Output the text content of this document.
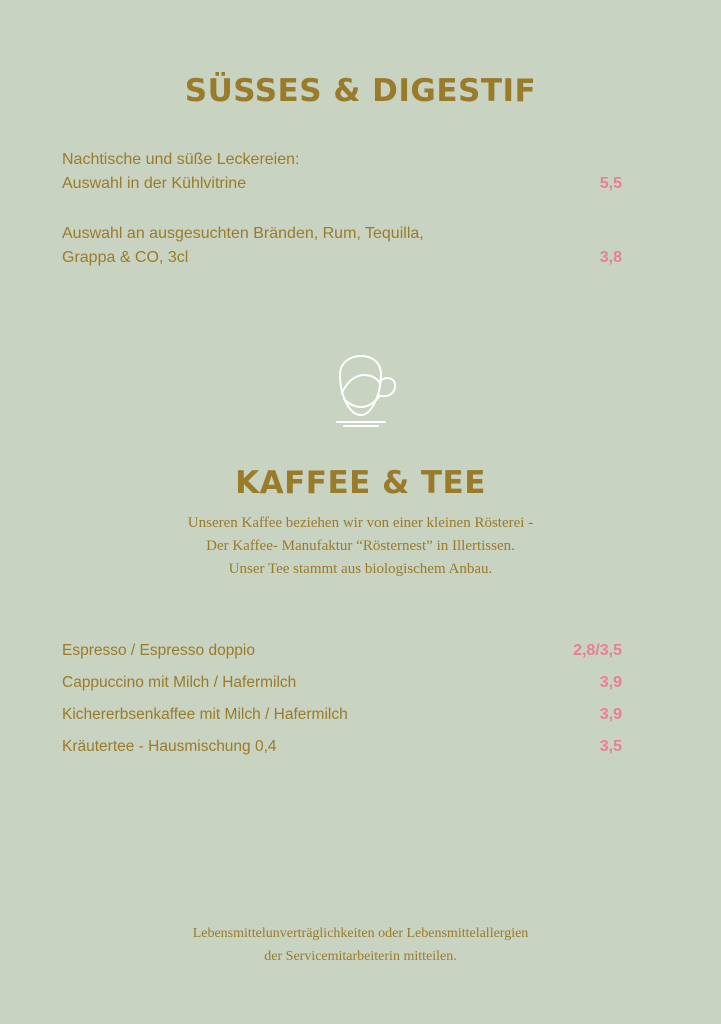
SÜSSES & DIGESTIF
Nachtische und süße Leckereien:
Auswahl in der Kühlvitrine	5,5
Auswahl an ausgesuchten Bränden, Rum, Tequilla,
Grappa & CO, 3cl	3,8
KAFFEE & TEE
Unseren Kaffee beziehen wir von einer kleinen Rösterei -
Der Kaffee- Manufaktur “Rösternest” in Illertissen.
Unser Tee stammt aus biologischem Anbau.
Espresso / Espresso doppio	2,8/3,5
Cappuccino mit Milch / Hafermilch	3,9
Kichererbsenkaffee mit Milch / Hafermilch	3,9
Kräutertee - Hausmischung 0,4	3,5
Lebensmittelunverträglichkeiten oder Lebensmittelallergien
der Servicemitarbeiterin mitteilen.
